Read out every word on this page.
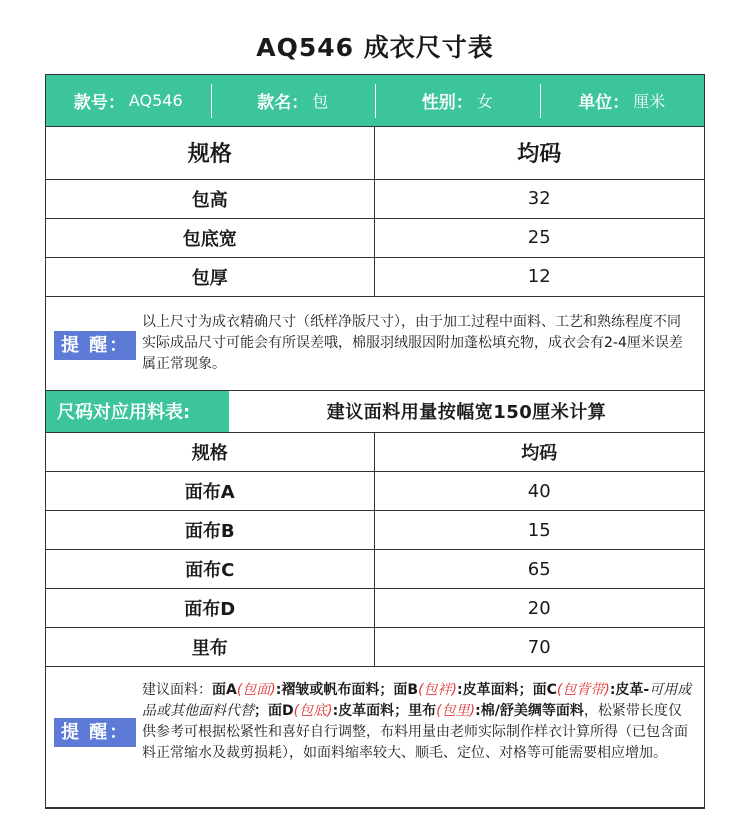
AQ546 成衣尺寸表
款号： AQ546	款名： 包	性别： 女	单位： 厘米
规格	均码
包高	32
包底宽	25
包厚	12
提 醒：
以上尺寸为成衣精确尺寸（纸样净版尺寸），由于加工过程中面料、工艺和熟练程度不同实际成品尺寸可能会有所误差哦，棉服羽绒服因附加蓬松填充物，成衣会有2-4厘米误差属正常现象。
尺码对应用料表:	建议面料用量按幅宽150厘米计算
规格	均码
面布A	40
面布B	15
面布C	65
面布D	20
里布	70
提 醒：
建议面料：面A(包面):褶皱或帆布面料；面B(包袢):皮革面料；面C(包背带):皮革-可用成品或其他面料代替；面D(包底):皮革面料；里布(包里):棉/舒美绸等面料，松紧带长度仅供参考可根据松紧性和喜好自行调整，布料用量由老师实际制作样衣计算所得（已包含面料正常缩水及裁剪损耗），如面料缩率较大、顺毛、定位、对格等可能需要相应增加。
